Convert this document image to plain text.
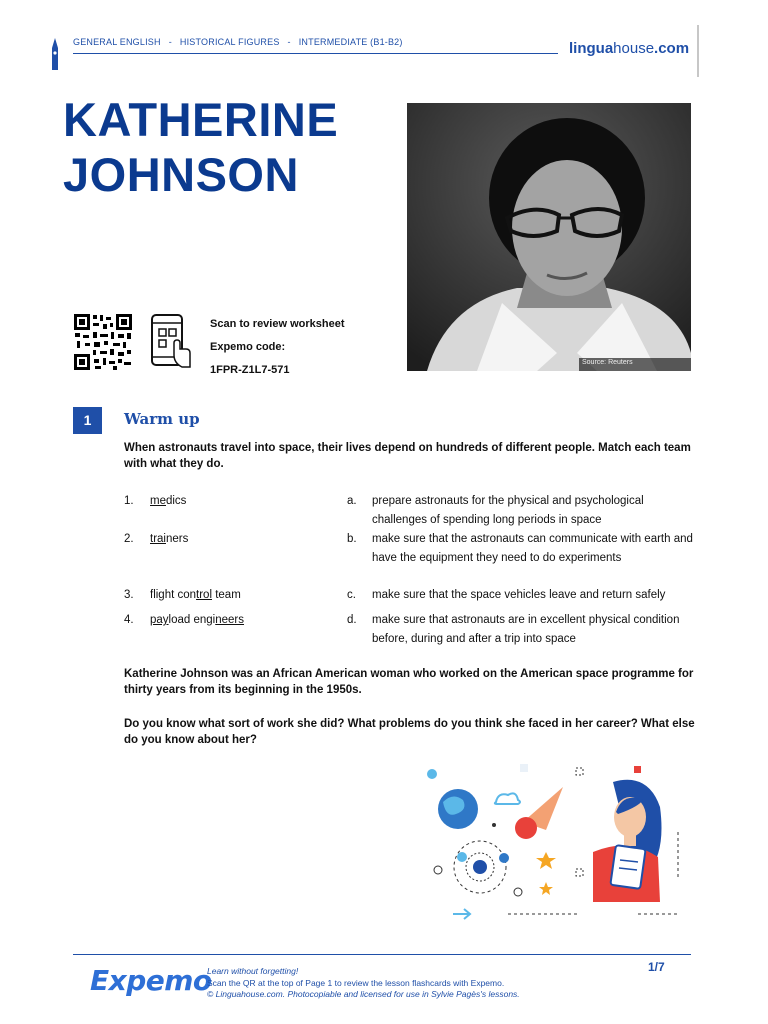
GENERAL ENGLISH - HISTORICAL FIGURES - INTERMEDIATE (B1-B2)	linguahouse.com
KATHERINE
JOHNSON
Source: Reuters
Scan to review worksheet
Expemo code:
1FPR-Z1L7-571
1	Warm up
When astronauts travel into space, their lives depend on hundreds of different people. Match each team with what they do.
1. medics
2. trainers
3. flight control team
4. payload engineers
a. prepare astronauts for the physical and psychological challenges of spending long periods in space
b. make sure that the astronauts can communicate with earth and have the equipment they need to do experiments
c. make sure that the space vehicles leave and return safely
d. make sure that astronauts are in excellent physical condition before, during and after a trip into space
Katherine Johnson was an African American woman who worked on the American space programme for thirty years from its beginning in the 1950s.
Do you know what sort of work she did? What problems do you think she faced in her career? What else do you know about her?
Expemo
Learn without forgetting!
Scan the QR at the top of Page 1 to review the lesson flashcards with Expemo.
© Linguahouse.com. Photocopiable and licensed for use in Sylvie Pagès's lessons.
1/7
